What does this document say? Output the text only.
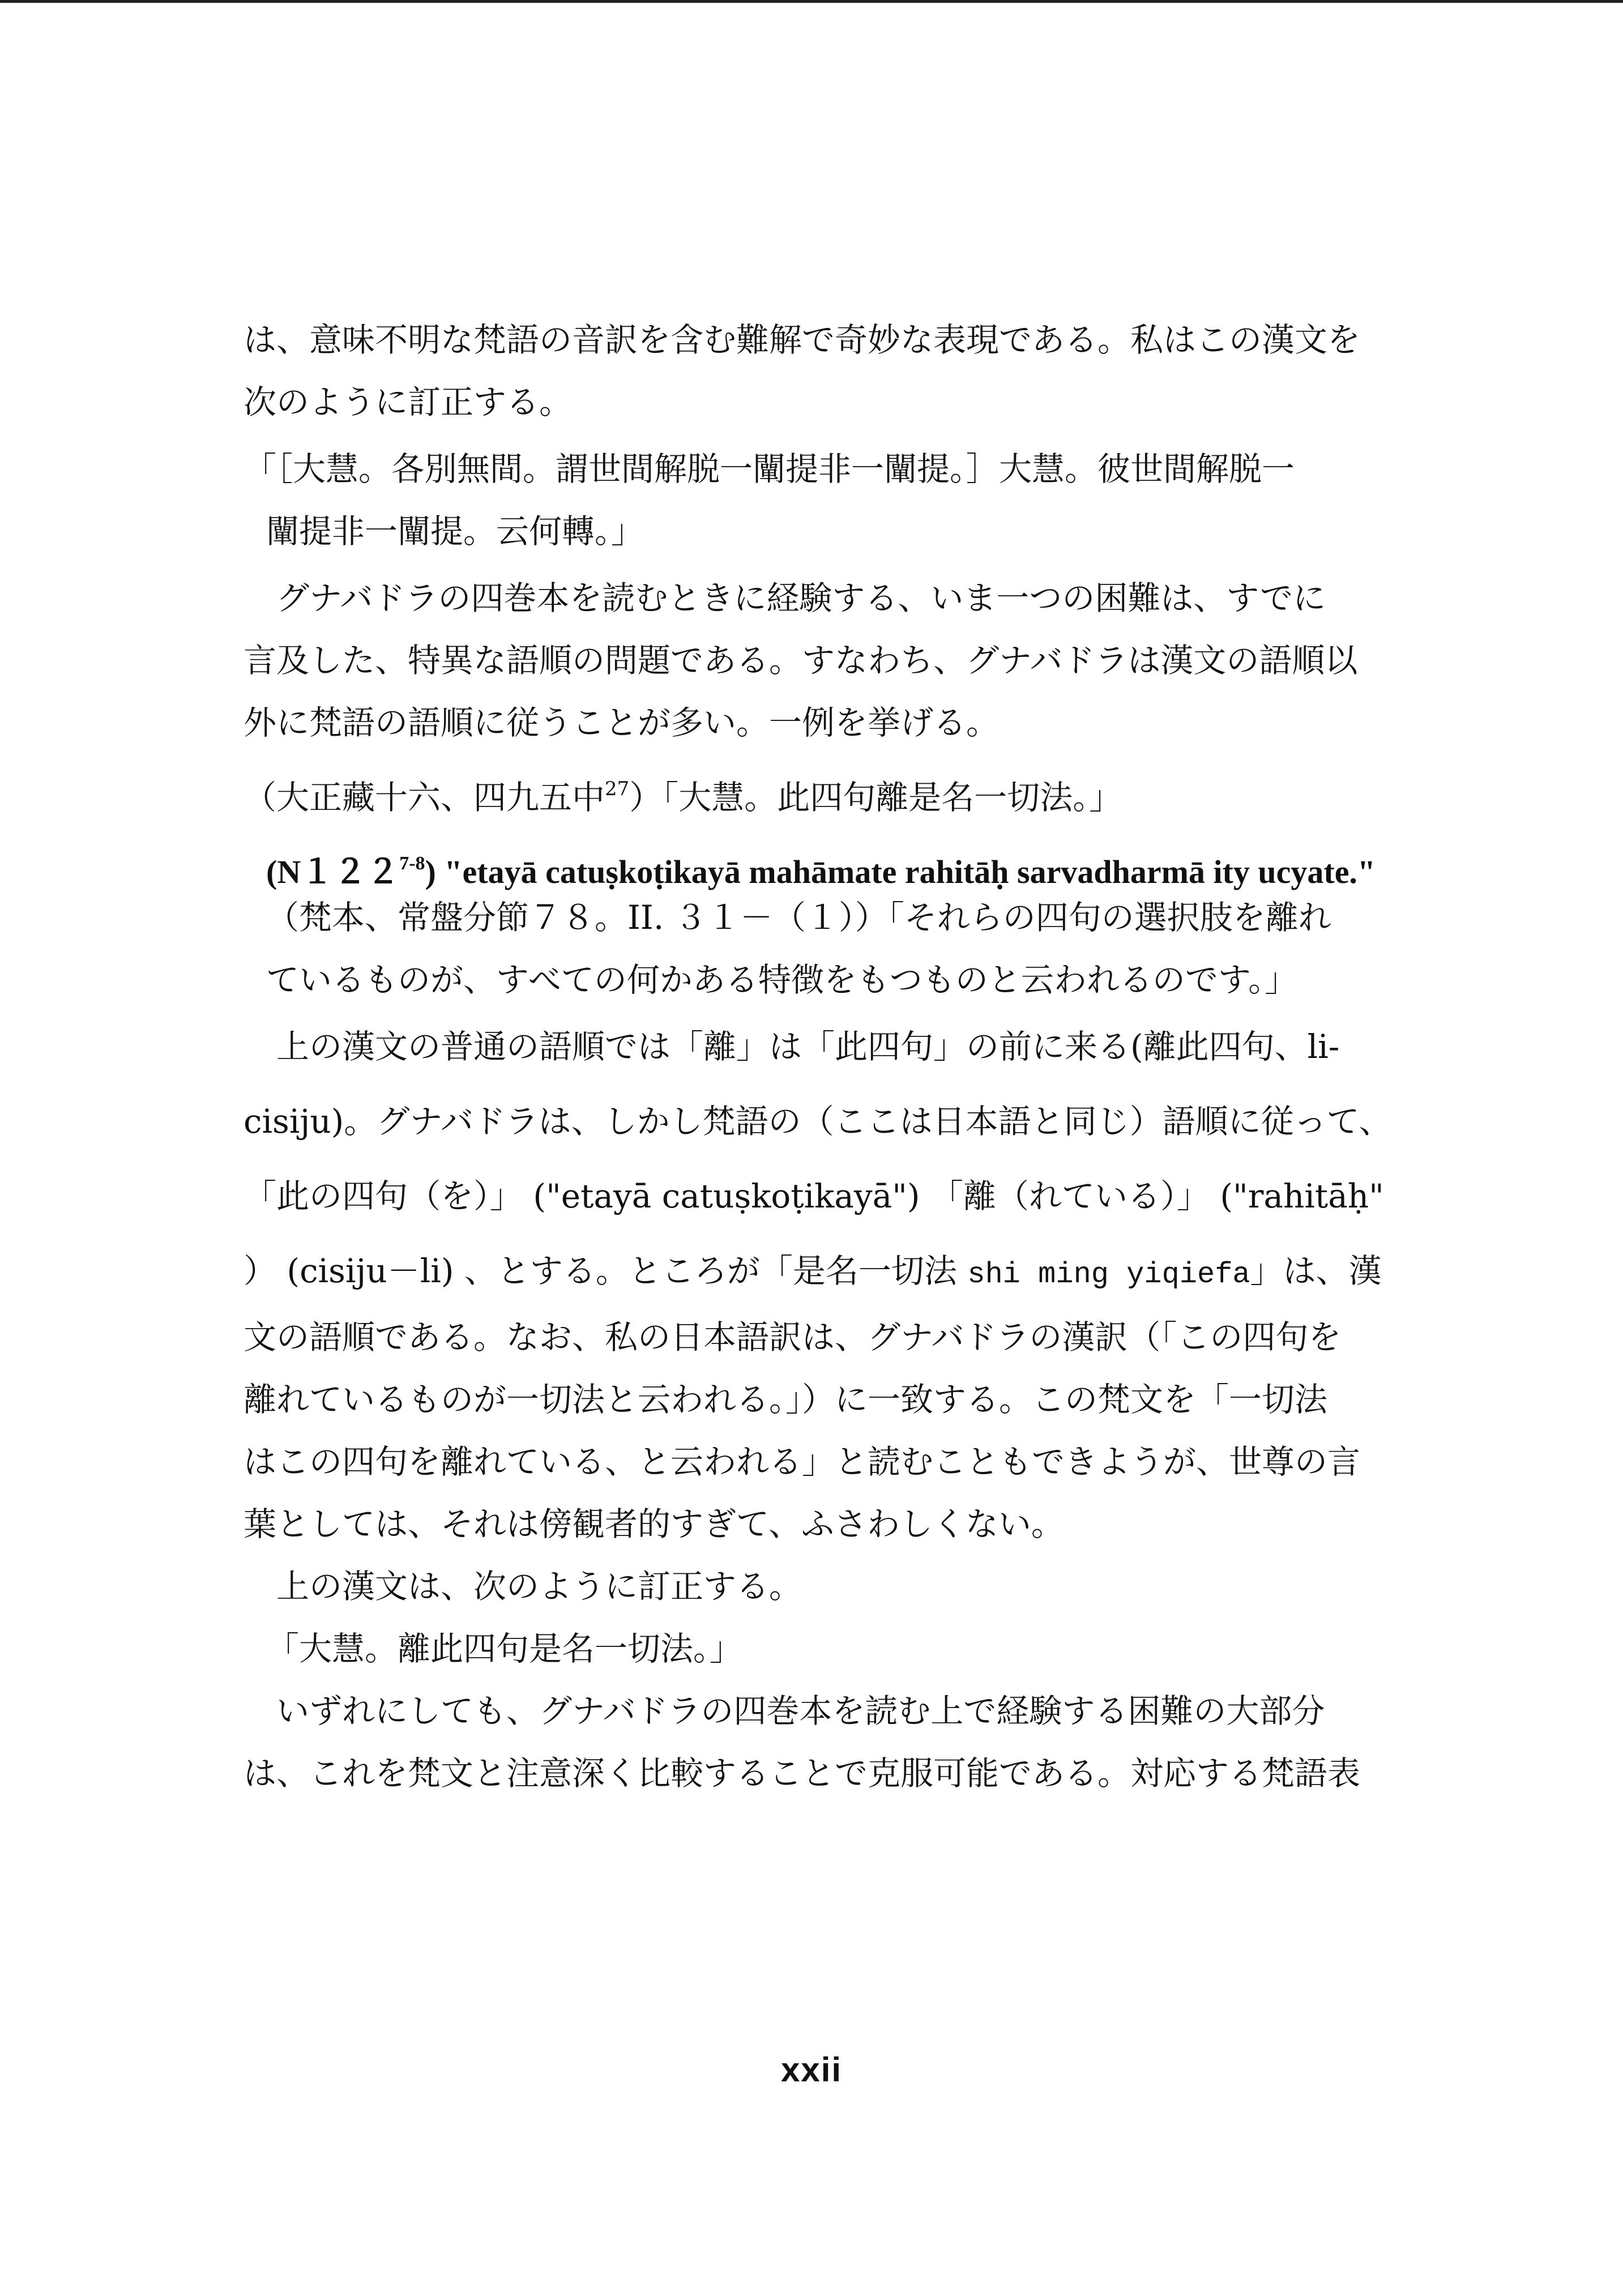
は、意味不明な梵語の音訳を含む難解で奇妙な表現である。私はこの漢文を

次のように訂正する。

「［大慧。各別無間。謂世間解脱一闡提非一闡提。］大慧。彼世間解脱一

闡提非一闡提。云何轉。」

グナバドラの四巻本を読むときに経験する、いま一つの困難は、すでに

言及した、特異な語順の問題である。すなわち、グナバドラは漢文の語順以

外に梵語の語順に従うことが多い。一例を挙げる。

（大正藏十六、四九五中$^{27}$）「大慧。此四句離是名一切法。」

(N１２２$^{7-8}$) "etayā catuṣkoṭikayā mahāmate rahitāḥ sarvadharmā ity ucyate."

（梵本、常盤分節７８。II. ３１－（１））「それらの四句の選択肢を離れ

ているものが、すべての何かある特徴をもつものと云われるのです。」

上の漢文の普通の語順では「離」は「此四句」の前に来る(離此四句、li-

cisiju)。グナバドラは、しかし梵語の（ここは日本語と同じ）語順に従って、

「此の四句（を）」 ("etayā catuṣkoṭikayā") 「離（れている）」 ("rahitāḥ"

） (cisiju－li) 、とする。ところが「是名一切法 shi ming yiqiefa」は、漢

文の語順である。なお、私の日本語訳は、グナバドラの漢訳（「この四句を

離れているものが一切法と云われる。」）に一致する。この梵文を「一切法

はこの四句を離れている、と云われる」と読むこともできようが、世尊の言

葉としては、それは傍観者的すぎて、ふさわしくない。

上の漢文は、次のように訂正する。

「大慧。離此四句是名一切法。」

いずれにしても、グナバドラの四巻本を読む上で経験する困難の大部分

は、これを梵文と注意深く比較することで克服可能である。対応する梵語表

xxii
